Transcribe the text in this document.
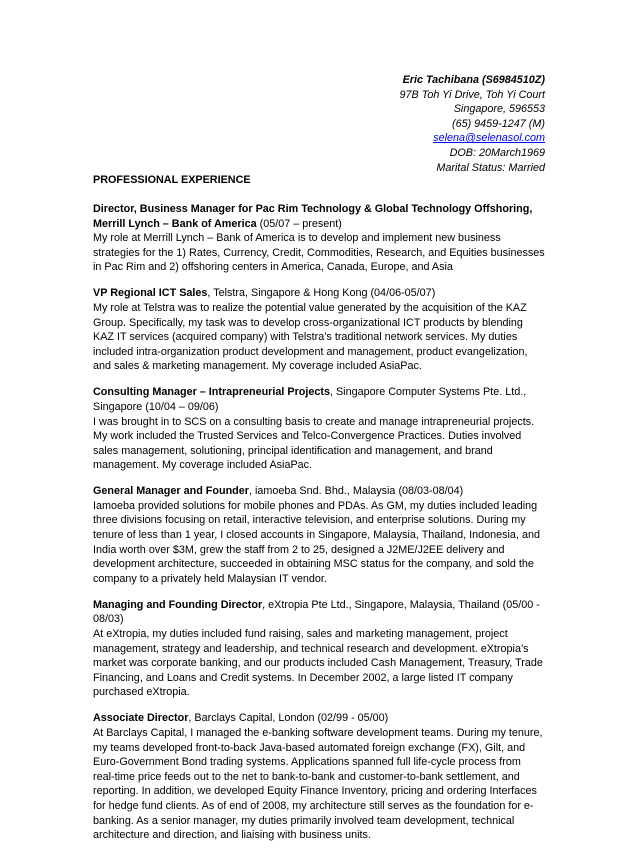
Eric Tachibana (S6984510Z)
97B Toh Yi Drive, Toh Yi Court
Singapore, 596553
(65) 9459-1247 (M)
selena@selenasol.com
DOB: 20March1969
Marital Status: Married
PROFESSIONAL EXPERIENCE

Director, Business Manager for Pac Rim Technology & Global Technology Offshoring, Merrill Lynch – Bank of America (05/07 – present)

My role at Merrill Lynch – Bank of America is to develop and implement new business strategies for the 1) Rates, Currency, Credit, Commodities, Research, and Equities businesses in Pac Rim and 2) offshoring centers in America, Canada, Europe, and Asia

VP Regional ICT Sales, Telstra, Singapore & Hong Kong (04/06-05/07)

My role at Telstra was to realize the potential value generated by the acquisition of the KAZ Group. Specifically, my task was to develop cross-organizational ICT products by blending KAZ IT services (acquired company) with Telstra’s traditional network services. My duties included intra-organization product development and management, product evangelization, and sales & marketing management. My coverage included AsiaPac.

Consulting Manager – Intrapreneurial Projects, Singapore Computer Systems Pte. Ltd., Singapore (10/04 – 09/06)

I was brought in to SCS on a consulting basis to create and manage intrapreneurial projects. My work included the Trusted Services and Telco-Convergence Practices. Duties involved sales management, solutioning, principal identification and management, and brand management. My coverage included AsiaPac.

General Manager and Founder, iamoeba Snd. Bhd., Malaysia (08/03-08/04)

Iamoeba provided solutions for mobile phones and PDAs. As GM, my duties included leading three divisions focusing on retail, interactive television, and enterprise solutions. During my tenure of less than 1 year, I closed accounts in Singapore, Malaysia, Thailand, Indonesia, and India worth over $3M, grew the staff from 2 to 25, designed a J2ME/J2EE delivery and development architecture, succeeded in obtaining MSC status for the company, and sold the company to a privately held Malaysian IT vendor.

Managing and Founding Director, eXtropia Pte Ltd., Singapore, Malaysia, Thailand (05/00 - 08/03)

At eXtropia, my duties included fund raising, sales and marketing management, project management, strategy and leadership, and technical research and development. eXtropia’s market was corporate banking, and our products included Cash Management, Treasury, Trade Financing, and Loans and Credit systems. In December 2002, a large listed IT company purchased eXtropia.

Associate Director, Barclays Capital, London (02/99 - 05/00)

At Barclays Capital, I managed the e-banking software development teams. During my tenure, my teams developed front-to-back Java-based automated foreign exchange (FX), Gilt, and Euro-Government Bond trading systems. Applications spanned full life-cycle process from real-time price feeds out to the net to bank-to-bank and customer-to-bank settlement, and reporting. In addition, we developed Equity Finance Inventory, pricing and ordering Interfaces for hedge fund clients. As of end of 2008, my architecture still serves as the foundation for e-banking. As a senior manager, my duties primarily involved team development, technical architecture and direction, and liaising with business units.
